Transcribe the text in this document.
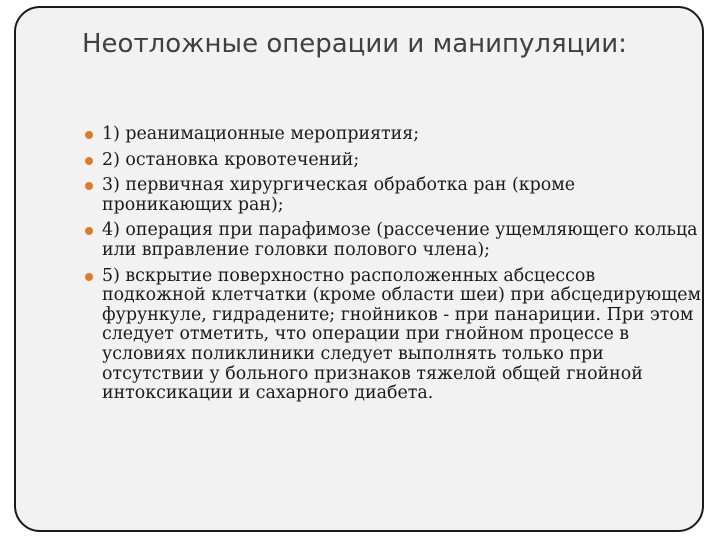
Неотложные операции и манипуляции:
1) реанимационные мероприятия;
2) остановка кровотечений;
3) первичная хирургическая обработка ран (кроме проникающих ран);
4) операция при парафимозе (рассечение ущемляющего кольца или вправление головки полового члена);
5) вскрытие поверхностно расположенных абсцессов подкожной клетчатки (кроме области шеи) при абсцедирующем фурункуле, гидрадените; гнойников - при панариции. При этом следует отметить, что операции при гнойном процессе в условиях поликлиники следует выполнять только при отсутствии у больного признаков тяжелой общей гнойной интоксикации и сахарного диабета.
